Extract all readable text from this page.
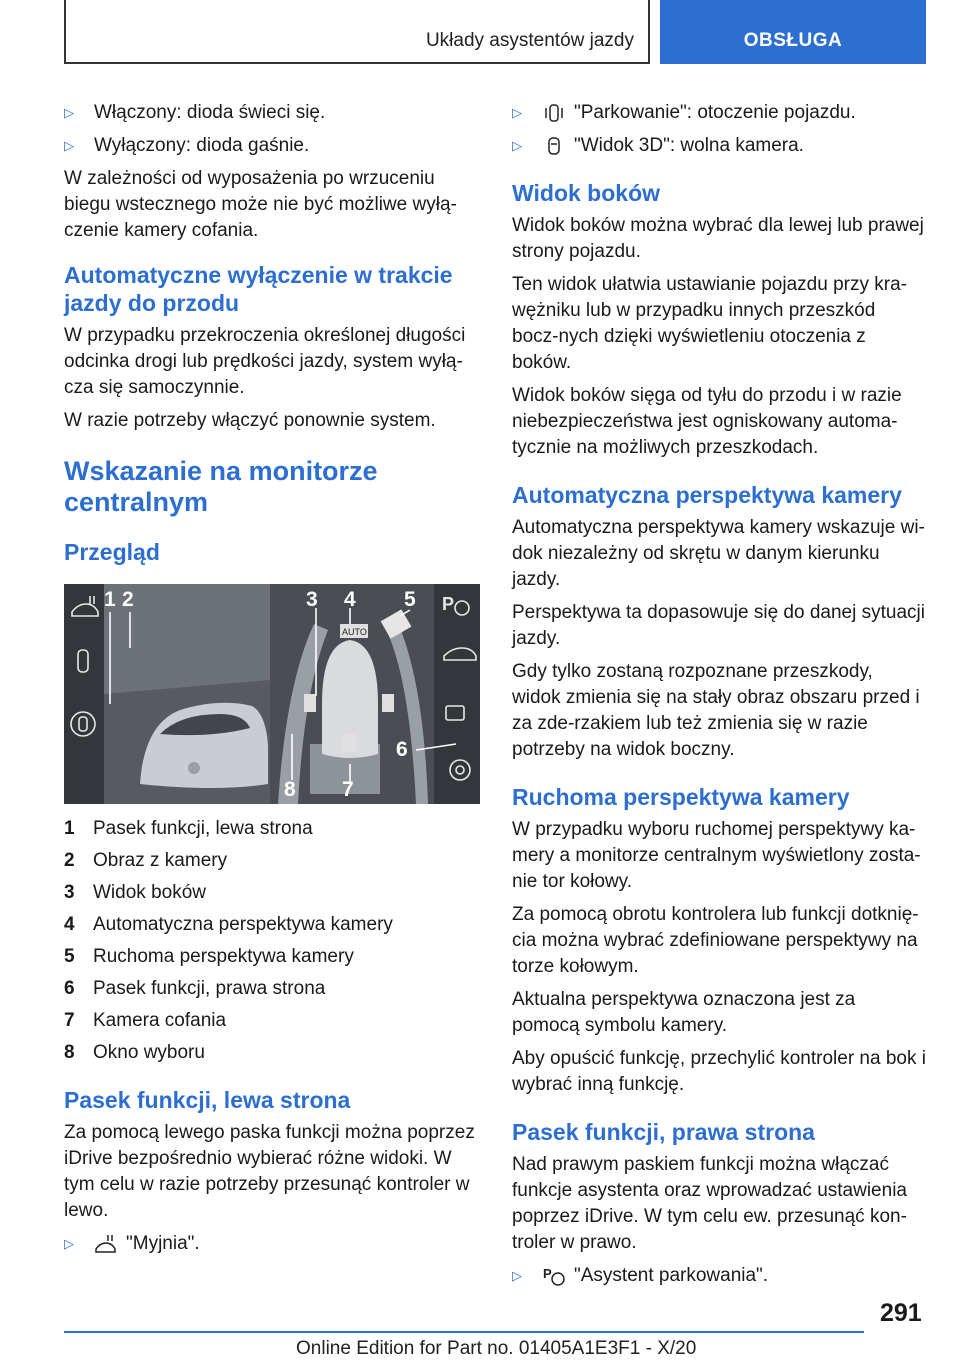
Układy asystentów jazdy	OBSŁUGA
▷	Włączony: dioda świeci się.
▷	Wyłączony: dioda gaśnie.

W zależności od wyposażenia po wrzuceniu biegu wstecznego może nie być możliwe wyłą‐czenie kamery cofania.

Automatyczne wyłączenie w trakcie jazdy do przodu

W przypadku przekroczenia określonej długości odcinka drogi lub prędkości jazdy, system wyłą‐cza się samoczynnie.

W razie potrzeby włączyć ponownie system.

Wskazanie na monitorze centralnym
Przegląd
AUTO
P
1 2	3 4 5
6
7
8
1 Pasek funkcji, lewa strona
2 Obraz z kamery
3 Widok boków
4 Automatyczna perspektywa kamery
5 Ruchoma perspektywa kamery
6 Pasek funkcji, prawa strona
7 Kamera cofania
8 Okno wyboru
Pasek funkcji, lewa strona

Za pomocą lewego paska funkcji można poprzez iDrive bezpośrednio wybierać różne widoki. W tym celu w razie potrzeby przesunąć kontroler w lewo.

▷	"Myjnia".
▷	"Parkowanie": otoczenie pojazdu.
▷	"Widok 3D": wolna kamera.
Widok boków

Widok boków można wybrać dla lewej lub prawej strony pojazdu.

Ten widok ułatwia ustawianie pojazdu przy kra‐wężniku lub w przypadku innych przeszkód bocz‐nych dzięki wyświetleniu otoczenia z boków.

Widok boków sięga od tyłu do przodu i w razie niebezpieczeństwa jest ogniskowany automa‐tycznie na możliwych przeszkodach.

Automatyczna perspektywa kamery

Automatyczna perspektywa kamery wskazuje wi‐dok niezależny od skrętu w danym kierunku jazdy.

Perspektywa ta dopasowuje się do danej sytuacji jazdy.

Gdy tylko zostaną rozpoznane przeszkody, widok zmienia się na stały obraz obszaru przed i za zde‐rzakiem lub też zmienia się w razie potrzeby na widok boczny.

Ruchoma perspektywa kamery

W przypadku wyboru ruchomej perspektywy ka‐mery a monitorze centralnym wyświetlony zosta‐nie tor kołowy.

Za pomocą obrotu kontrolera lub funkcji dotknię‐cia można wybrać zdefiniowane perspektywy na torze kołowym.

Aktualna perspektywa oznaczona jest za pomocą symbolu kamery.

Aby opuścić funkcję, przechylić kontroler na bok i wybrać inną funkcję.

Pasek funkcji, prawa strona

Nad prawym paskiem funkcji można włączać funkcje asystenta oraz wprowadzać ustawienia poprzez iDrive. W tym celu ew. przesunąć kon‐troler w prawo.

▷	P "Asystent parkowania".
291
Online Edition for Part no. 01405A1E3F1 - X/20
